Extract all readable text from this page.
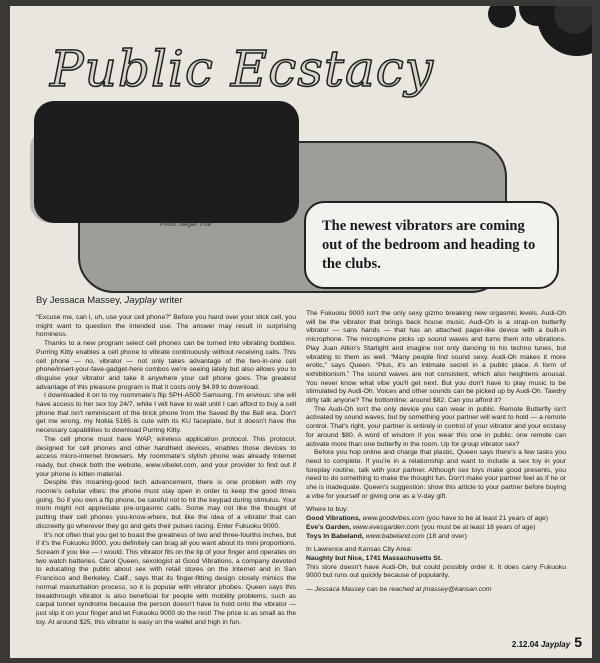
Public Ecstacy
Photo: Megan True	The newest vibrators are coming out of the bedroom and heading to the clubs.
By Jessaca Massey, Jayplay writer

“Excuse me, can I, uh, use your cell phone?” Before you hand over your slick cell, you might want to question the intended use. The answer may result in surprising horniness.

Thanks to a new program select cell phones can be turned into vibrating buddies. Purring Kitty enables a cell phone to vibrate continuously without receiving calls. This cell phone — no, vibrator — not only takes advantage of the two-in-one cell phone/insert-your-fave-gadget-here combos we're seeing lately but also allows you to disguise your vibrator and take it anywhere your cell phone goes. The greatest advantage of this pleasure program is that it costs only $4.99 to download.

I downloaded it on to my roommate's flip SPH-A500 Samsung. I'm envious: she will have access to her sex toy 24/7, while I will have to wait until I can afford to buy a cell phone that isn't reminiscent of the brick phone from the Saved By the Bell era. Don't get me wrong, my Nokia 5165 is cute with its KU faceplate, but it doesn't have the necessary capabilities to download Purring Kitty.

The cell phone must have WAP, wireless application protocol. This protocol, designed for cell phones and other handheld devices, enables those devices to access micro-internet browsers. My roommate's stylish phone was already Internet ready, but check both the website, www.vibelet.com, and your provider to find out if your phone is kitten material.

Despite this moaning-good tech advancement, there is one problem with my roomie's cellular vibes: the phone must stay open in order to keep the good times going. So if you own a flip phone, be careful not to hit the keypad during stimulus. Your mom might not appreciate pre-orgasmic calls. Some may not like the thought of putting their cell phones you-know-where, but like the idea of a vibrator that can discreetly go wherever they go and gets their pulses racing. Enter Fukuoku 9000.

It's not often that you get to boast the greatness of two and three-fourths inches, but if it's the Fukuoku 9000, you definitely can brag all you want about its mini proportions. Scream if you like — I would. This vibrator fits on the tip of your finger and operates on two watch batteries. Carol Queen, sexologist at Good Vibrations, a company devoted to educating the public about sex with retail stores on the Internet and in San Francisco and Berkeley, Calif., says that its finger-fitting design closely mimics the normal masturbation process, so it is popular with vibrator phobes. Queen says this breakthrough vibrator is also beneficial for people with mobility problems, such as carpal tunnel syndrome because the person doesn't have to hold onto the vibrator — just slip it on your finger and let Fukuoku 9000 do the rest! The price is as small as the toy. At around $25, this vibrator is easy on the wallet and high in fun.

The Fukuoku 9000 isn't the only sexy gizmo breaking new orgasmic levels. Audi-Oh will be the vibrator that brings back house music. Audi-Oh is a strap-on butterfly vibrator — sans hands — that has an attached pager-like device with a built-in microphone. The microphone picks up sound waves and turns them into vibrations. Play Juan Atkin's Starlight and imagine not only dancing to his techno tunes, but vibrating to them as well. “Many people find sound sexy. Audi-Oh makes it more erotic,” says Queen. “Plus, it's an intimate secret in a public place. A form of exhibitionism.” The sound waves are not consistent, which also heightens arousal. You never know what vibe you'll get next. But you don't have to play music to be stimulated by Audi-Oh. Voices and other sounds can be picked up by Audi-Oh. Tawdry dirty talk anyone? The bottomline: around $82. Can you afford it?

The Audi-Oh isn't the only device you can wear in public. Remote Butterfly isn't activated by sound waves, but by something your partner will want to hold — a remote control. That's right, your partner is entirely in control of your vibrator and your ecstasy for around $80. A word of wisdom if you wear this one in public: one remote can activate more than one butterfly in the room. Up for group vibrator sex?

Before you hop online and charge that plastic, Queen says there's a few tasks you need to complete. If you're in a relationship and want to include a sex toy in your foreplay routine, talk with your partner. Although sex toys make good presents, you need to do something to make the thought fun. Don't make your partner feel as if he or she is inadequate. Queen's suggestion: show this article to your partner before buying a vibe for yourself or giving one as a V-day gift.

Where to buy:

Good Vibrations, www.goodvibes.com (you have to be at least 21 years of age)

Eve's Garden, www.evesgarden.com (you must be at least 18 years of age)

Toys In Babeland, www.babeland.com (18 and over)

In Lawrence and Kansas City Area:

Naughty but Nice, 1741 Massachusetts St.

This store doesn't have Audi-Oh, but could possibly order it. It does carry Fukuoku 9000 but runs out quickly because of popularity.

— Jessaca Massey can be reached at jmassey@kansan.com

2.12.04 Jayplay 5
